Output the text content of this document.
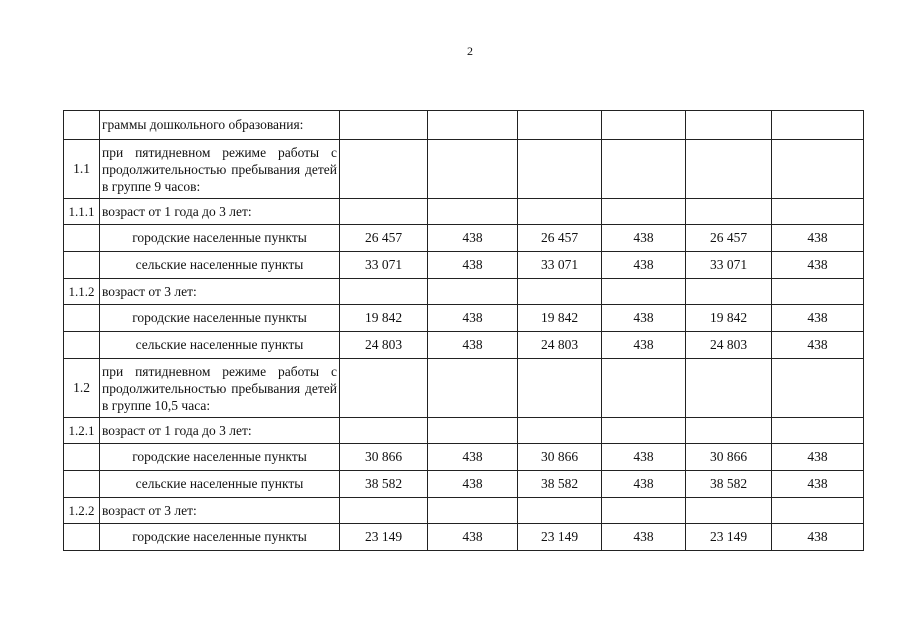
2
	граммы дошкольного образования:						
1.1	при пятидневном режиме работы с продолжительностью пребывания детей в группе 9 часов:						
1.1.1	возраст от 1 года до 3 лет:						
	городские населенные пункты	26 457	438	26 457	438	26 457	438
	сельские населенные пункты	33 071	438	33 071	438	33 071	438
1.1.2	возраст от 3 лет:						
	городские населенные пункты	19 842	438	19 842	438	19 842	438
	сельские населенные пункты	24 803	438	24 803	438	24 803	438
1.2	при пятидневном режиме работы с продолжительностью пребывания детей в группе 10,5 часа:						
1.2.1	возраст от 1 года до 3 лет:						
	городские населенные пункты	30 866	438	30 866	438	30 866	438
	сельские населенные пункты	38 582	438	38 582	438	38 582	438
1.2.2	возраст от 3 лет:						
	городские населенные пункты	23 149	438	23 149	438	23 149	438
